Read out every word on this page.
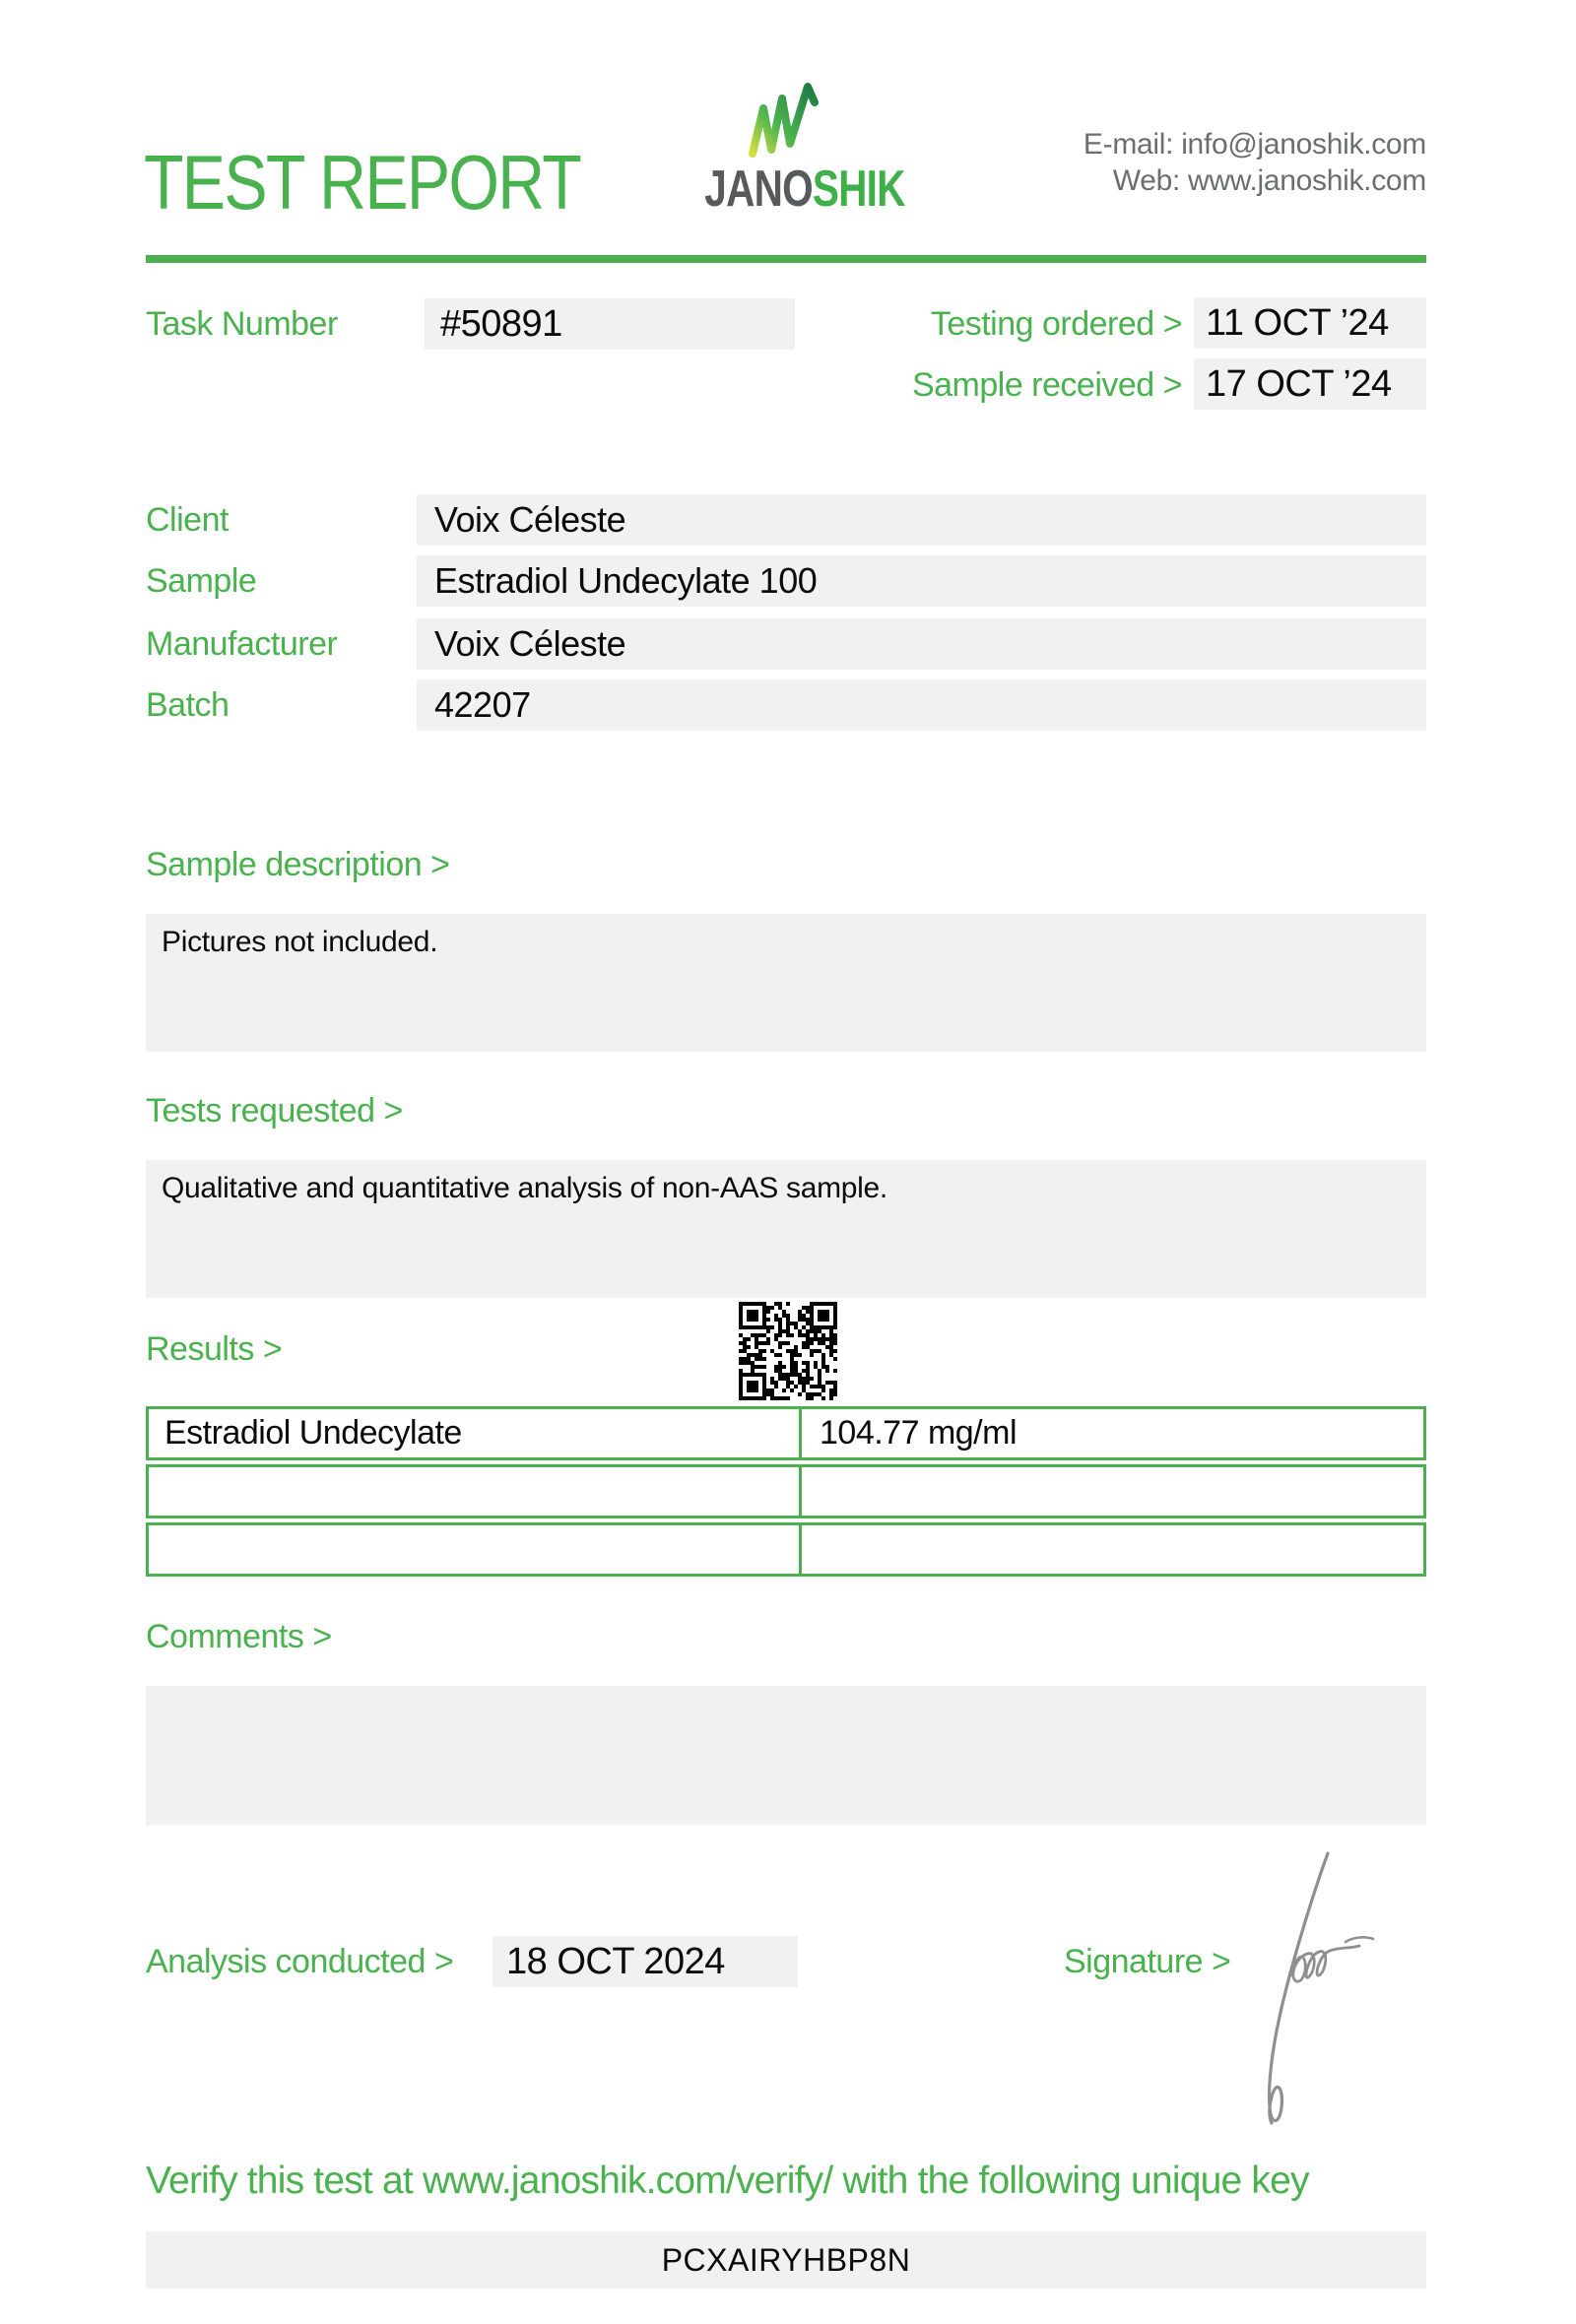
TEST REPORT JANOSHIK
E-mail: info@janoshik.com
Web: www.janoshik.com
Task Number	#50891	Testing ordered > 11 OCT ’24
Sample received > 17 OCT ’24
Client	Voix Céleste
Sample	Estradiol Undecylate 100
Manufacturer	Voix Céleste
Batch	42207
Sample description >
Pictures not included.
Tests requested >
Qualitative and quantitative analysis of non-AAS sample.
Results >
Estradiol Undecylate	104.77 mg/ml
Comments >
Analysis conducted >	18 OCT 2024	Signature >
Verify this test at www.janoshik.com/verify/ with the following unique key
PCXAIRYHBP8N
